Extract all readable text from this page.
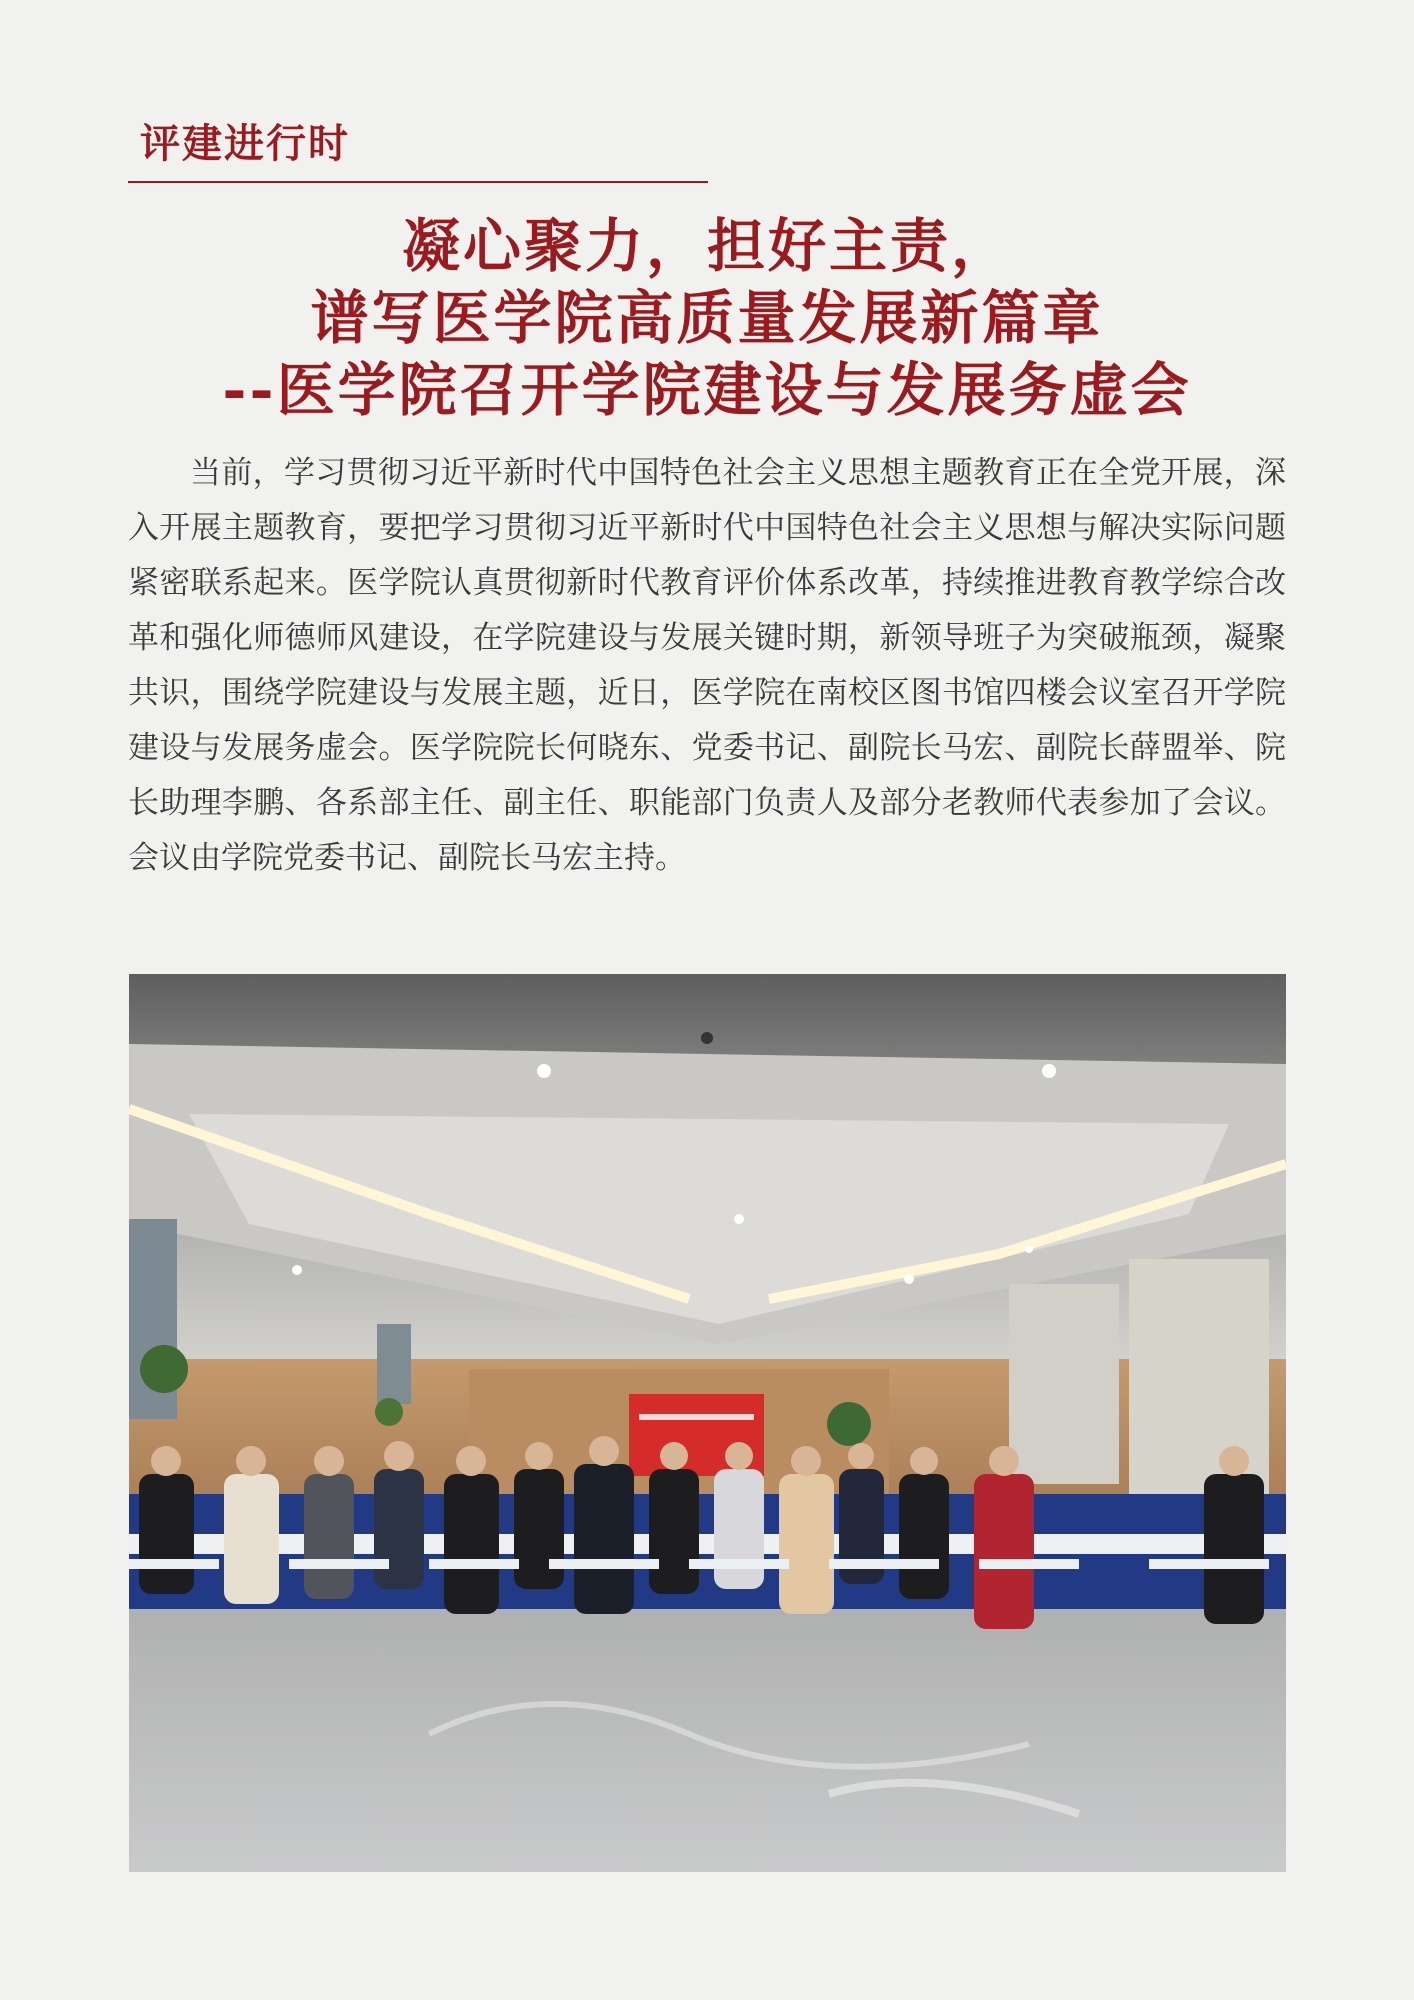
评建进行时
凝心聚力，担好主责，
谱写医学院高质量发展新篇章
--医学院召开学院建设与发展务虚会
当前，学习贯彻习近平新时代中国特色社会主义思想主题教育正在全党开展，深入开展主题教育，要把学习贯彻习近平新时代中国特色社会主义思想与解决实际问题紧密联系起来。医学院认真贯彻新时代教育评价体系改革，持续推进教育教学综合改革和强化师德师风建设，在学院建设与发展关键时期，新领导班子为突破瓶颈，凝聚共识，围绕学院建设与发展主题，近日，医学院在南校区图书馆四楼会议室召开学院建设与发展务虚会。医学院院长何晓东、党委书记、副院长马宏、副院长薛盟举、院长助理李鹏、各系部主任、副主任、职能部门负责人及部分老教师代表参加了会议。会议由学院党委书记、副院长马宏主持。
